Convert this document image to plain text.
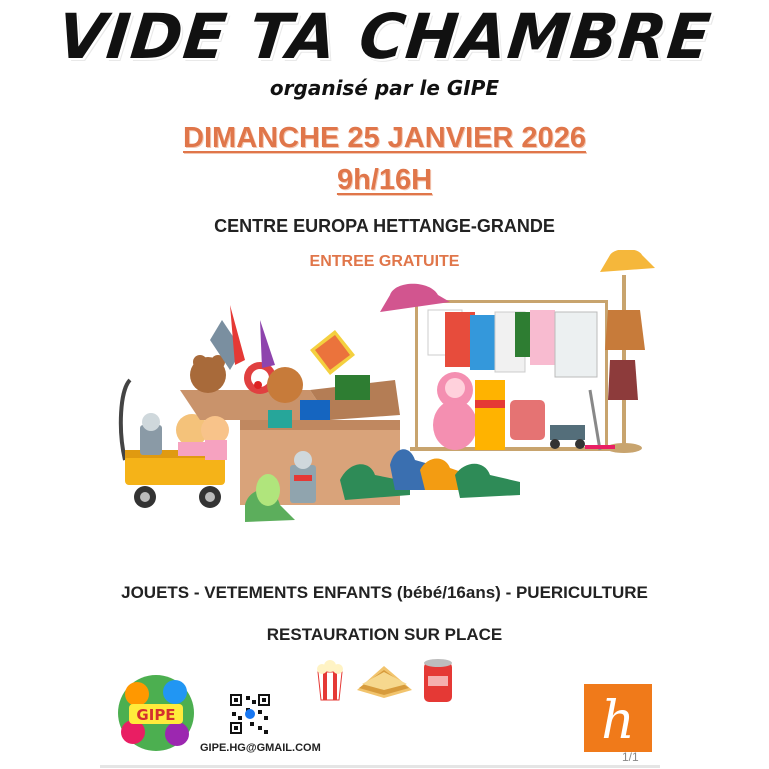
VIDE TA CHAMBRE
organisé par le GIPE
DIMANCHE 25 JANVIER 2026
9h/16H
CENTRE EUROPA HETTANGE-GRANDE
ENTREE GRATUITE
JOUETS - VETEMENTS ENFANTS (bébé/16ans) - PUERICULTURE
RESTAURATION SUR PLACE
GIPE
GIPE.HG@GMAIL.COM	h
1/1
